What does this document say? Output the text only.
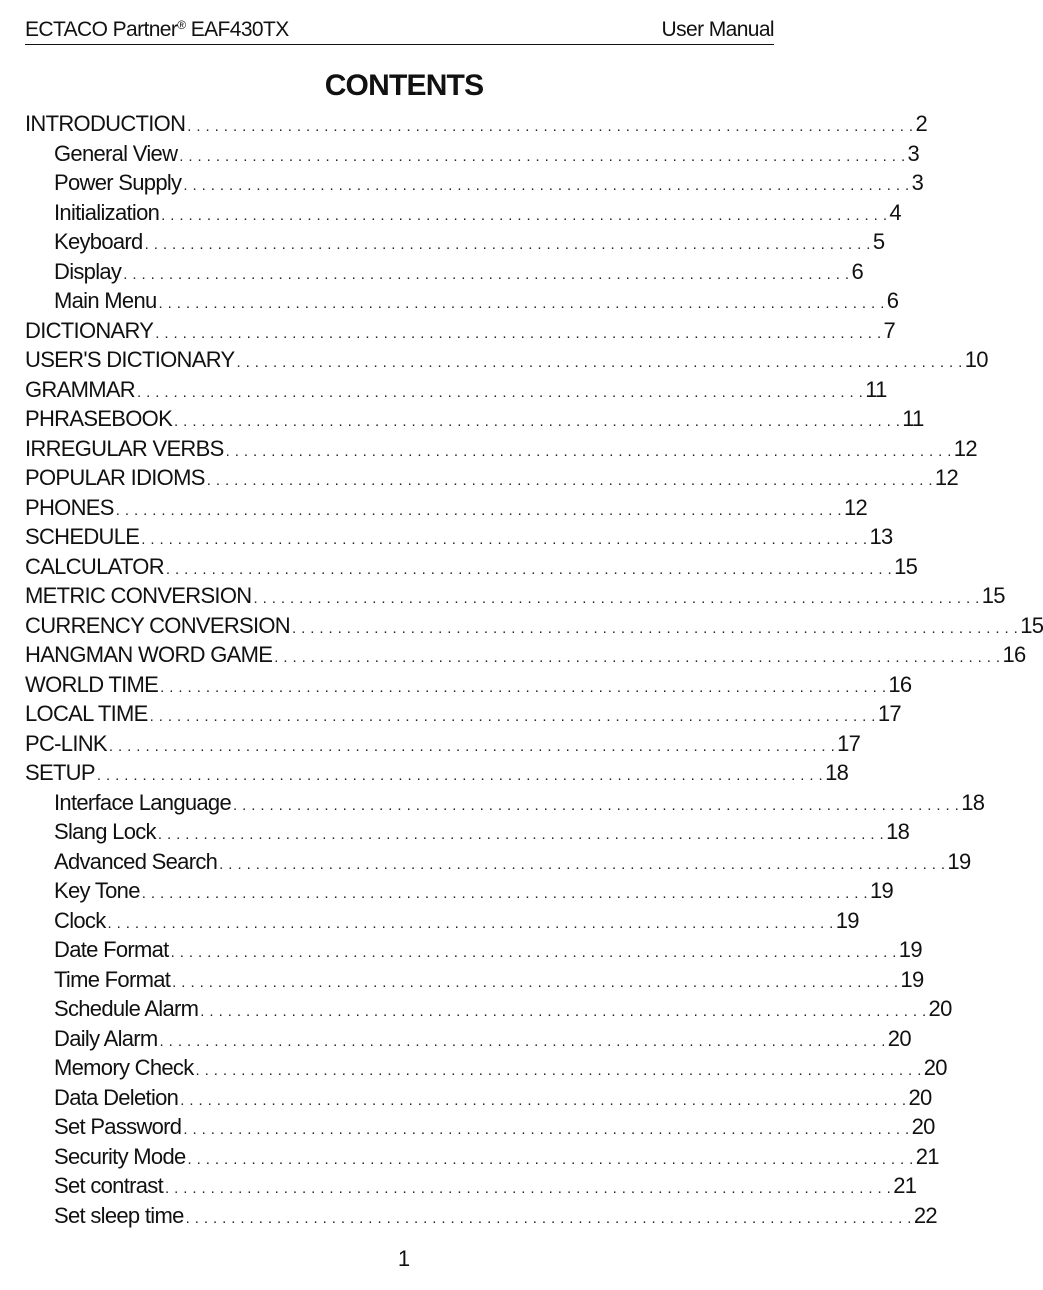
ECTACO Partner® EAF430TX	User Manual
CONTENTS
INTRODUCTION . . . . . . . . . . . . . . . . . . . . . . . . . . . . . . . . . . . . . . . . . . . . . . . . . . . . . . . . . . . . . . . . . . . . . . . . . . . . . . . . 2
General View . . . . . . . . . . . . . . . . . . . . . . . . . . . . . . . . . . . . . . . . . . . . . . . . . . . . . . . . . . . . . . . . . . . . . . . . . . . . . . . . 3
Power Supply . . . . . . . . . . . . . . . . . . . . . . . . . . . . . . . . . . . . . . . . . . . . . . . . . . . . . . . . . . . . . . . . . . . . . . . . . . . . . . . . 3
Initialization . . . . . . . . . . . . . . . . . . . . . . . . . . . . . . . . . . . . . . . . . . . . . . . . . . . . . . . . . . . . . . . . . . . . . . . . . . . . . . . . 4
Keyboard . . . . . . . . . . . . . . . . . . . . . . . . . . . . . . . . . . . . . . . . . . . . . . . . . . . . . . . . . . . . . . . . . . . . . . . . . . . . . . . . 5
Display . . . . . . . . . . . . . . . . . . . . . . . . . . . . . . . . . . . . . . . . . . . . . . . . . . . . . . . . . . . . . . . . . . . . . . . . . . . . . . . . 6
Main Menu . . . . . . . . . . . . . . . . . . . . . . . . . . . . . . . . . . . . . . . . . . . . . . . . . . . . . . . . . . . . . . . . . . . . . . . . . . . . . . . . 6
DICTIONARY . . . . . . . . . . . . . . . . . . . . . . . . . . . . . . . . . . . . . . . . . . . . . . . . . . . . . . . . . . . . . . . . . . . . . . . . . . . . . . . . 7
USER'S DICTIONARY . . . . . . . . . . . . . . . . . . . . . . . . . . . . . . . . . . . . . . . . . . . . . . . . . . . . . . . . . . . . . . . . . . . . . . . . . . . . . . . . 10
GRAMMAR . . . . . . . . . . . . . . . . . . . . . . . . . . . . . . . . . . . . . . . . . . . . . . . . . . . . . . . . . . . . . . . . . . . . . . . . . . . . . . . . 11
PHRASEBOOK . . . . . . . . . . . . . . . . . . . . . . . . . . . . . . . . . . . . . . . . . . . . . . . . . . . . . . . . . . . . . . . . . . . . . . . . . . . . . . . . 11
IRREGULAR VERBS . . . . . . . . . . . . . . . . . . . . . . . . . . . . . . . . . . . . . . . . . . . . . . . . . . . . . . . . . . . . . . . . . . . . . . . . . . . . . . . . 12
POPULAR IDIOMS . . . . . . . . . . . . . . . . . . . . . . . . . . . . . . . . . . . . . . . . . . . . . . . . . . . . . . . . . . . . . . . . . . . . . . . . . . . . . . . . 12
PHONES . . . . . . . . . . . . . . . . . . . . . . . . . . . . . . . . . . . . . . . . . . . . . . . . . . . . . . . . . . . . . . . . . . . . . . . . . . . . . . . . 12
SCHEDULE . . . . . . . . . . . . . . . . . . . . . . . . . . . . . . . . . . . . . . . . . . . . . . . . . . . . . . . . . . . . . . . . . . . . . . . . . . . . . . . . 13
CALCULATOR . . . . . . . . . . . . . . . . . . . . . . . . . . . . . . . . . . . . . . . . . . . . . . . . . . . . . . . . . . . . . . . . . . . . . . . . . . . . . . . . 15
METRIC CONVERSION . . . . . . . . . . . . . . . . . . . . . . . . . . . . . . . . . . . . . . . . . . . . . . . . . . . . . . . . . . . . . . . . . . . . . . . . . . . . . . . . 15
CURRENCY CONVERSION . . . . . . . . . . . . . . . . . . . . . . . . . . . . . . . . . . . . . . . . . . . . . . . . . . . . . . . . . . . . . . . . . . . . . . . . . . . . . . . . 15
HANGMAN WORD GAME . . . . . . . . . . . . . . . . . . . . . . . . . . . . . . . . . . . . . . . . . . . . . . . . . . . . . . . . . . . . . . . . . . . . . . . . . . . . . . . . 16
WORLD TIME . . . . . . . . . . . . . . . . . . . . . . . . . . . . . . . . . . . . . . . . . . . . . . . . . . . . . . . . . . . . . . . . . . . . . . . . . . . . . . . . 16
LOCAL TIME . . . . . . . . . . . . . . . . . . . . . . . . . . . . . . . . . . . . . . . . . . . . . . . . . . . . . . . . . . . . . . . . . . . . . . . . . . . . . . . . 17
PC-LINK . . . . . . . . . . . . . . . . . . . . . . . . . . . . . . . . . . . . . . . . . . . . . . . . . . . . . . . . . . . . . . . . . . . . . . . . . . . . . . . . 17
SETUP . . . . . . . . . . . . . . . . . . . . . . . . . . . . . . . . . . . . . . . . . . . . . . . . . . . . . . . . . . . . . . . . . . . . . . . . . . . . . . . . 18
Interface Language . . . . . . . . . . . . . . . . . . . . . . . . . . . . . . . . . . . . . . . . . . . . . . . . . . . . . . . . . . . . . . . . . . . . . . . . . . . . . . . . 18
Slang Lock . . . . . . . . . . . . . . . . . . . . . . . . . . . . . . . . . . . . . . . . . . . . . . . . . . . . . . . . . . . . . . . . . . . . . . . . . . . . . . . . 18
Advanced Search . . . . . . . . . . . . . . . . . . . . . . . . . . . . . . . . . . . . . . . . . . . . . . . . . . . . . . . . . . . . . . . . . . . . . . . . . . . . . . . . 19
Key Tone . . . . . . . . . . . . . . . . . . . . . . . . . . . . . . . . . . . . . . . . . . . . . . . . . . . . . . . . . . . . . . . . . . . . . . . . . . . . . . . . 19
Clock . . . . . . . . . . . . . . . . . . . . . . . . . . . . . . . . . . . . . . . . . . . . . . . . . . . . . . . . . . . . . . . . . . . . . . . . . . . . . . . . 19
Date Format . . . . . . . . . . . . . . . . . . . . . . . . . . . . . . . . . . . . . . . . . . . . . . . . . . . . . . . . . . . . . . . . . . . . . . . . . . . . . . . . 19
Time Format . . . . . . . . . . . . . . . . . . . . . . . . . . . . . . . . . . . . . . . . . . . . . . . . . . . . . . . . . . . . . . . . . . . . . . . . . . . . . . . . 19
Schedule Alarm . . . . . . . . . . . . . . . . . . . . . . . . . . . . . . . . . . . . . . . . . . . . . . . . . . . . . . . . . . . . . . . . . . . . . . . . . . . . . . . . 20
Daily Alarm . . . . . . . . . . . . . . . . . . . . . . . . . . . . . . . . . . . . . . . . . . . . . . . . . . . . . . . . . . . . . . . . . . . . . . . . . . . . . . . . 20
Memory Check . . . . . . . . . . . . . . . . . . . . . . . . . . . . . . . . . . . . . . . . . . . . . . . . . . . . . . . . . . . . . . . . . . . . . . . . . . . . . . . . 20
Data Deletion . . . . . . . . . . . . . . . . . . . . . . . . . . . . . . . . . . . . . . . . . . . . . . . . . . . . . . . . . . . . . . . . . . . . . . . . . . . . . . . . 20
Set Password . . . . . . . . . . . . . . . . . . . . . . . . . . . . . . . . . . . . . . . . . . . . . . . . . . . . . . . . . . . . . . . . . . . . . . . . . . . . . . . . 20
Security Mode . . . . . . . . . . . . . . . . . . . . . . . . . . . . . . . . . . . . . . . . . . . . . . . . . . . . . . . . . . . . . . . . . . . . . . . . . . . . . . . . 21
Set contrast . . . . . . . . . . . . . . . . . . . . . . . . . . . . . . . . . . . . . . . . . . . . . . . . . . . . . . . . . . . . . . . . . . . . . . . . . . . . . . . . 21
Set sleep time . . . . . . . . . . . . . . . . . . . . . . . . . . . . . . . . . . . . . . . . . . . . . . . . . . . . . . . . . . . . . . . . . . . . . . . . . . . . . . . . 22
1
